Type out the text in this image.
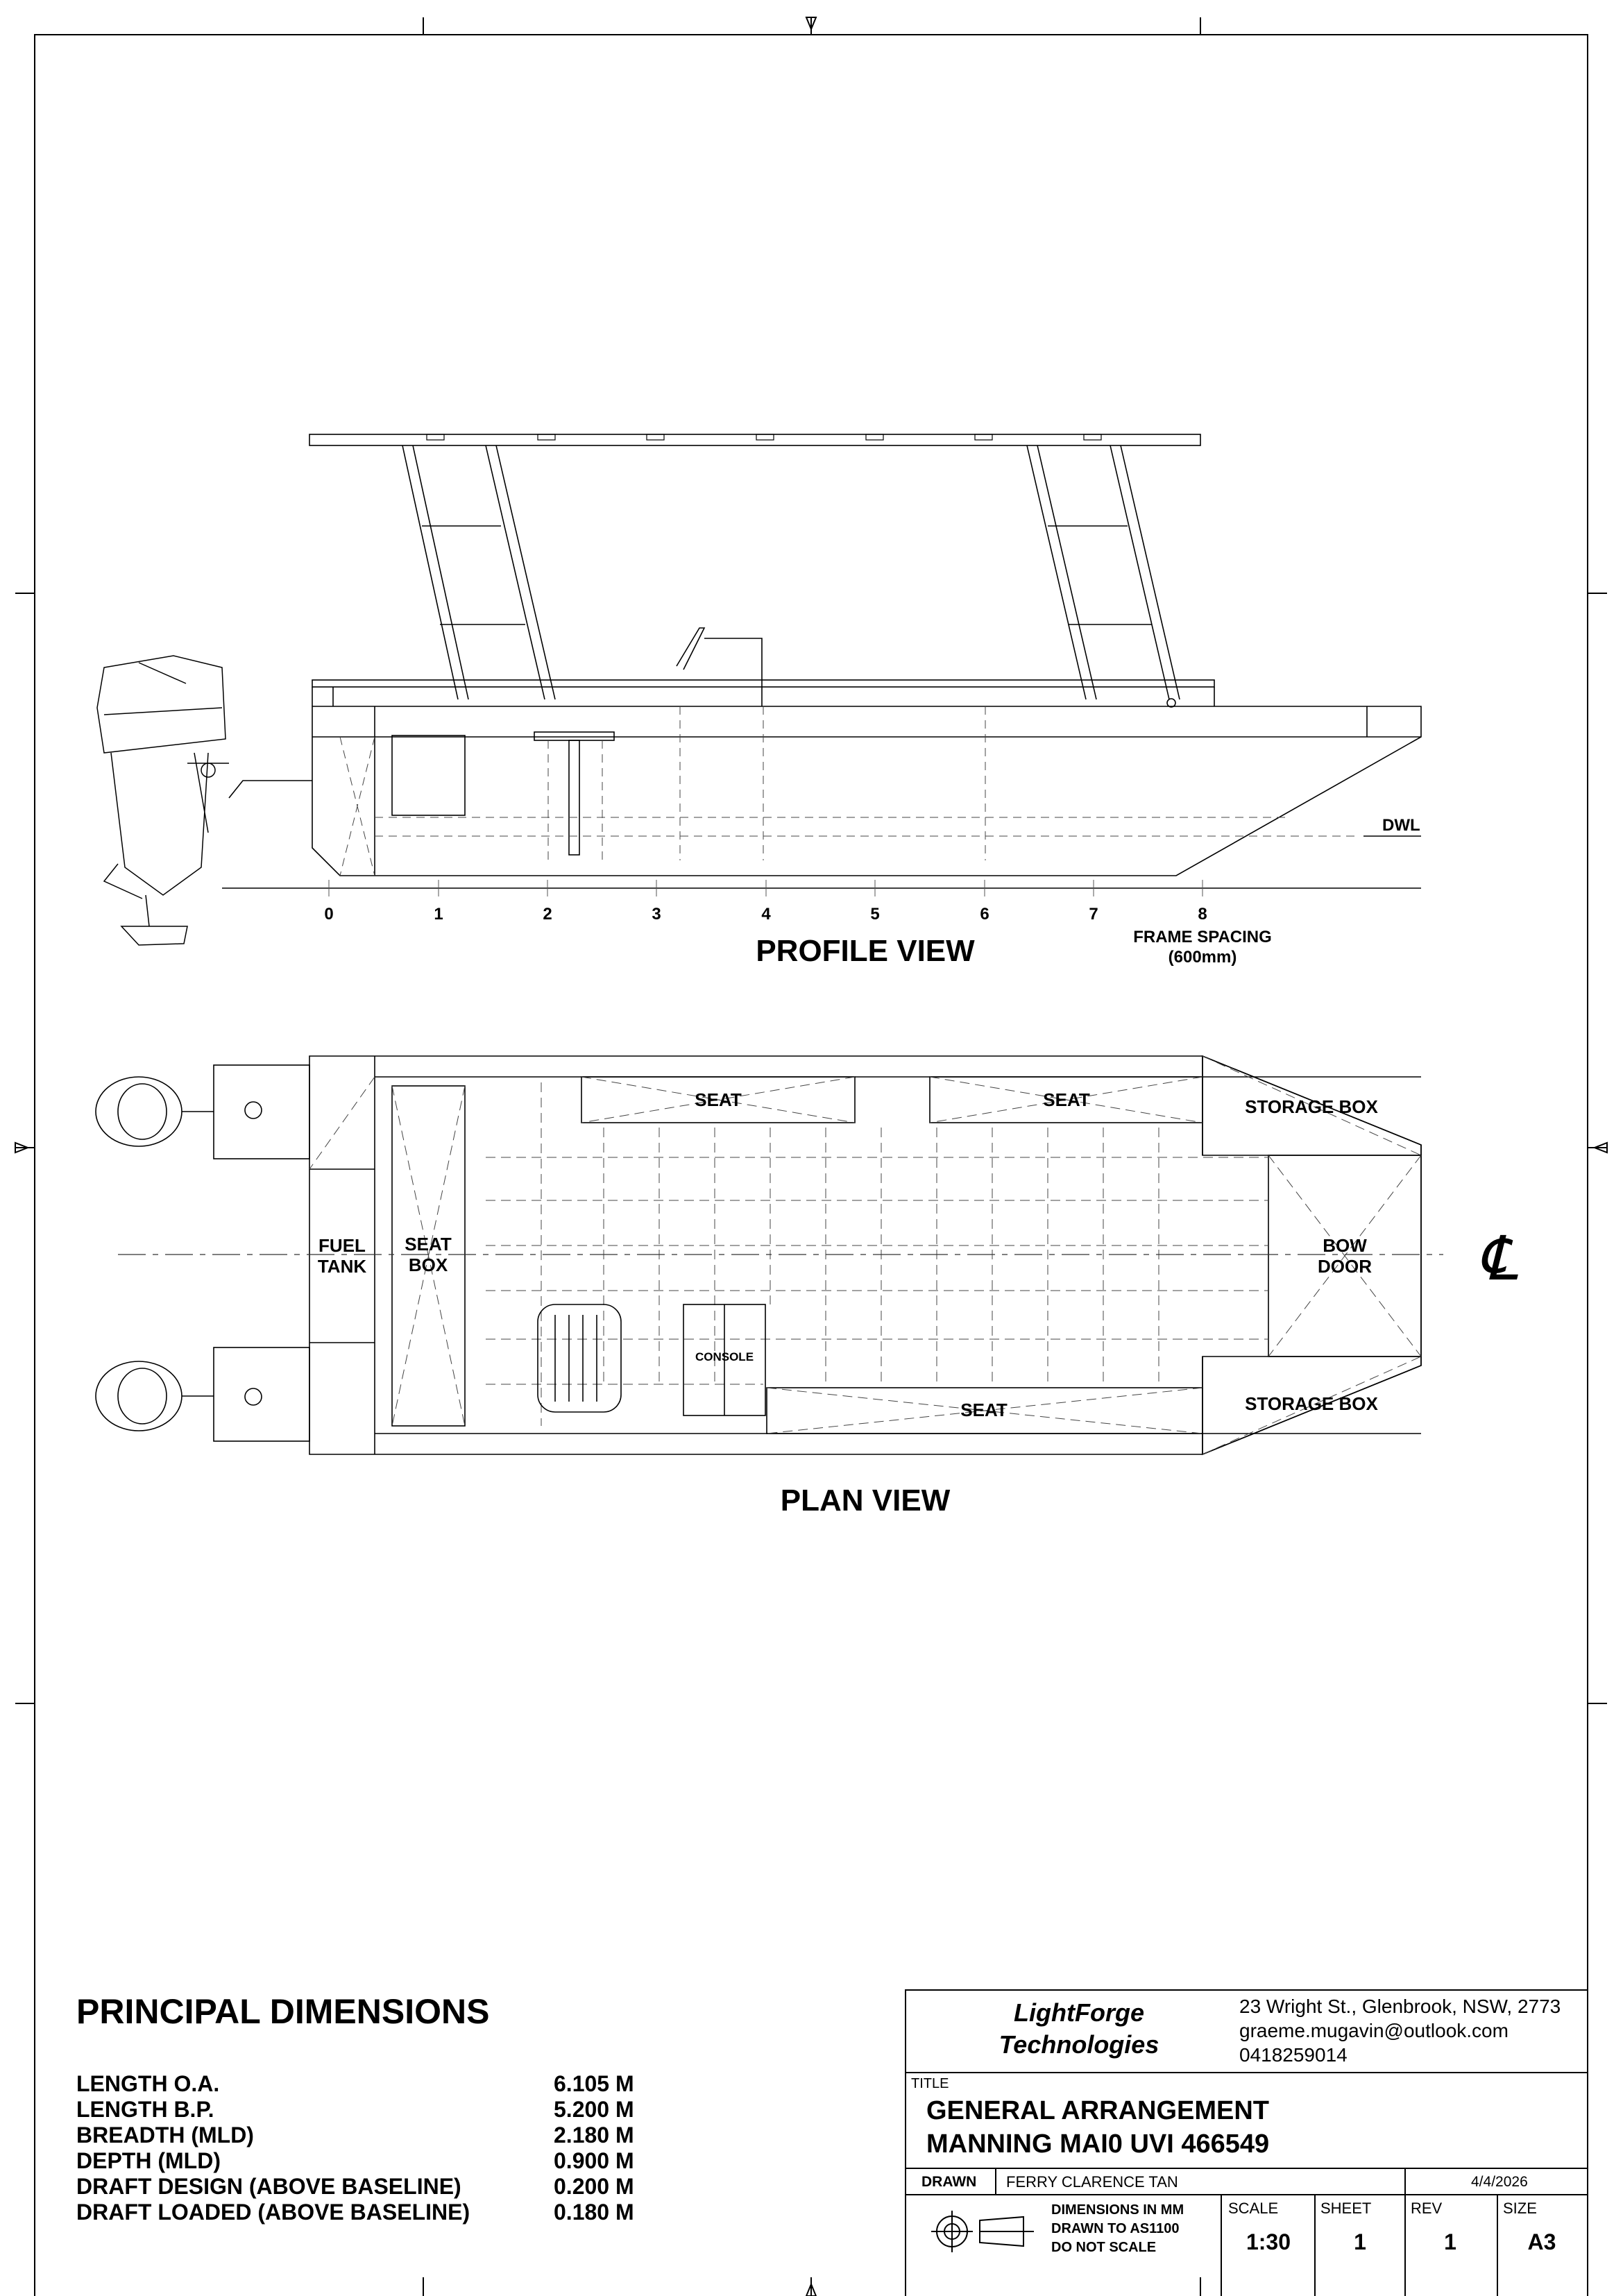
DWL
0	1	2	3	4	5	6	7	8
FRAME SPACING
(600mm)
PROFILE VIEW
SEAT	SEAT	STORAGE BOX
FUEL
TANK
SEAT
BOX
BOW
DOOR
CONSOLE
SEAT	STORAGE BOX
℄
PLAN VIEW
PRINCIPAL DIMENSIONS
LENGTH O.A.	6.105 M
LENGTH B.P.	5.200 M
BREADTH (MLD)	2.180 M
DEPTH (MLD)	0.900 M
DRAFT DESIGN (ABOVE BASELINE)	0.200 M
DRAFT LOADED (ABOVE BASELINE)	0.180 M
LightForge
Technologies
23 Wright St., Glenbrook, NSW, 2773
graeme.mugavin@outlook.com
0418259014
TITLE
GENERAL ARRANGEMENT
MANNING MAI0 UVI 466549
DRAWN FERRY CLARENCE TAN	4/4/2026
DIMENSIONS IN MM
DRAWN TO AS1100
DO NOT SCALE
SCALE
1:30
SHEET
1
REV
1
SIZE
A3
